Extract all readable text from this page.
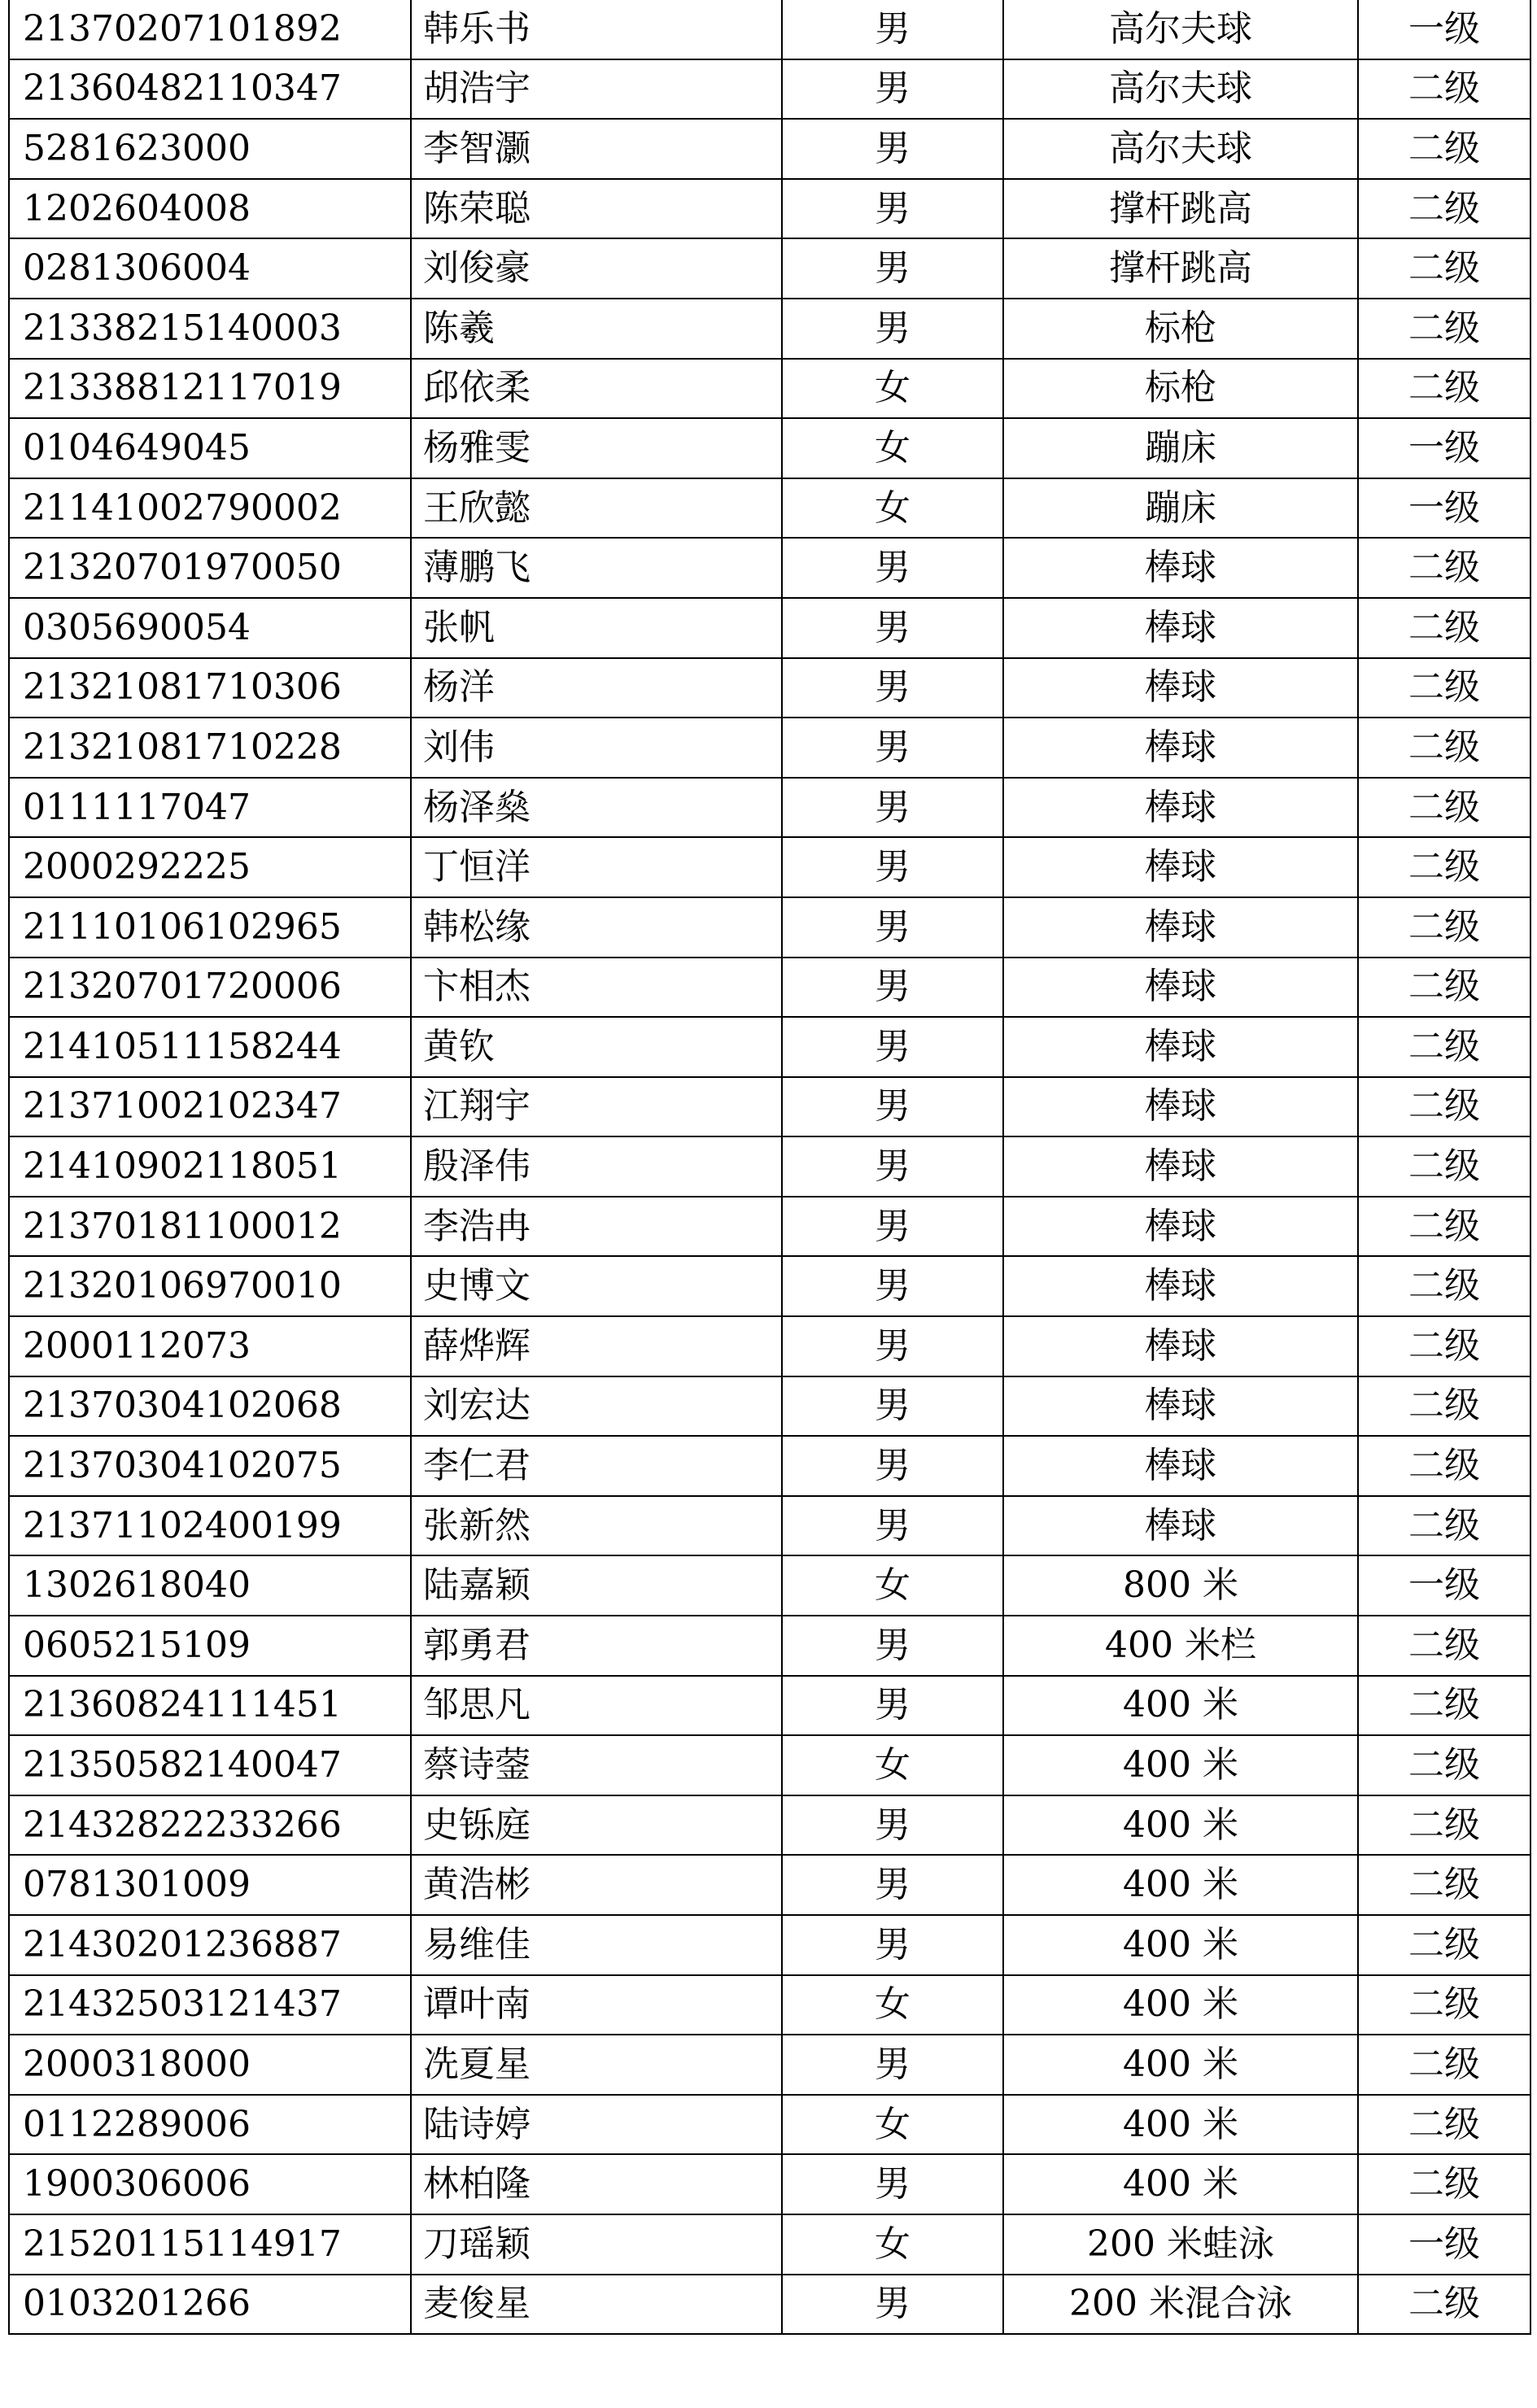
21370207101892	韩乐书	男	高尔夫球	一级
21360482110347	胡浩宇	男	高尔夫球	二级
5281623000	李智灏	男	高尔夫球	二级
1202604008	陈荣聪	男	撑杆跳高	二级
0281306004	刘俊豪	男	撑杆跳高	二级
21338215140003	陈羲	男	标枪	二级
21338812117019	邱依柔	女	标枪	二级
0104649045	杨雅雯	女	蹦床	一级
21141002790002	王欣懿	女	蹦床	一级
21320701970050	薄鹏飞	男	棒球	二级
0305690054	张帆	男	棒球	二级
21321081710306	杨洋	男	棒球	二级
21321081710228	刘伟	男	棒球	二级
0111117047	杨泽燊	男	棒球	二级
2000292225	丁恒洋	男	棒球	二级
21110106102965	韩松缘	男	棒球	二级
21320701720006	卞相杰	男	棒球	二级
21410511158244	黄钦	男	棒球	二级
21371002102347	江翔宇	男	棒球	二级
21410902118051	殷泽伟	男	棒球	二级
21370181100012	李浩冉	男	棒球	二级
21320106970010	史博文	男	棒球	二级
2000112073	薛烨辉	男	棒球	二级
21370304102068	刘宏达	男	棒球	二级
21370304102075	李仁君	男	棒球	二级
21371102400199	张新然	男	棒球	二级
1302618040	陆嘉颖	女	800 米	一级
0605215109	郭勇君	男	400 米栏	二级
21360824111451	邹思凡	男	400 米	二级
21350582140047	蔡诗蓥	女	400 米	二级
21432822233266	史铄庭	男	400 米	二级
0781301009	黄浩彬	男	400 米	二级
21430201236887	易维佳	男	400 米	二级
21432503121437	谭叶南	女	400 米	二级
2000318000	冼夏星	男	400 米	二级
0112289006	陆诗婷	女	400 米	二级
1900306006	林柏隆	男	400 米	二级
21520115114917	刀瑶颖	女	200 米蛙泳	一级
0103201266	麦俊星	男	200 米混合泳	二级
